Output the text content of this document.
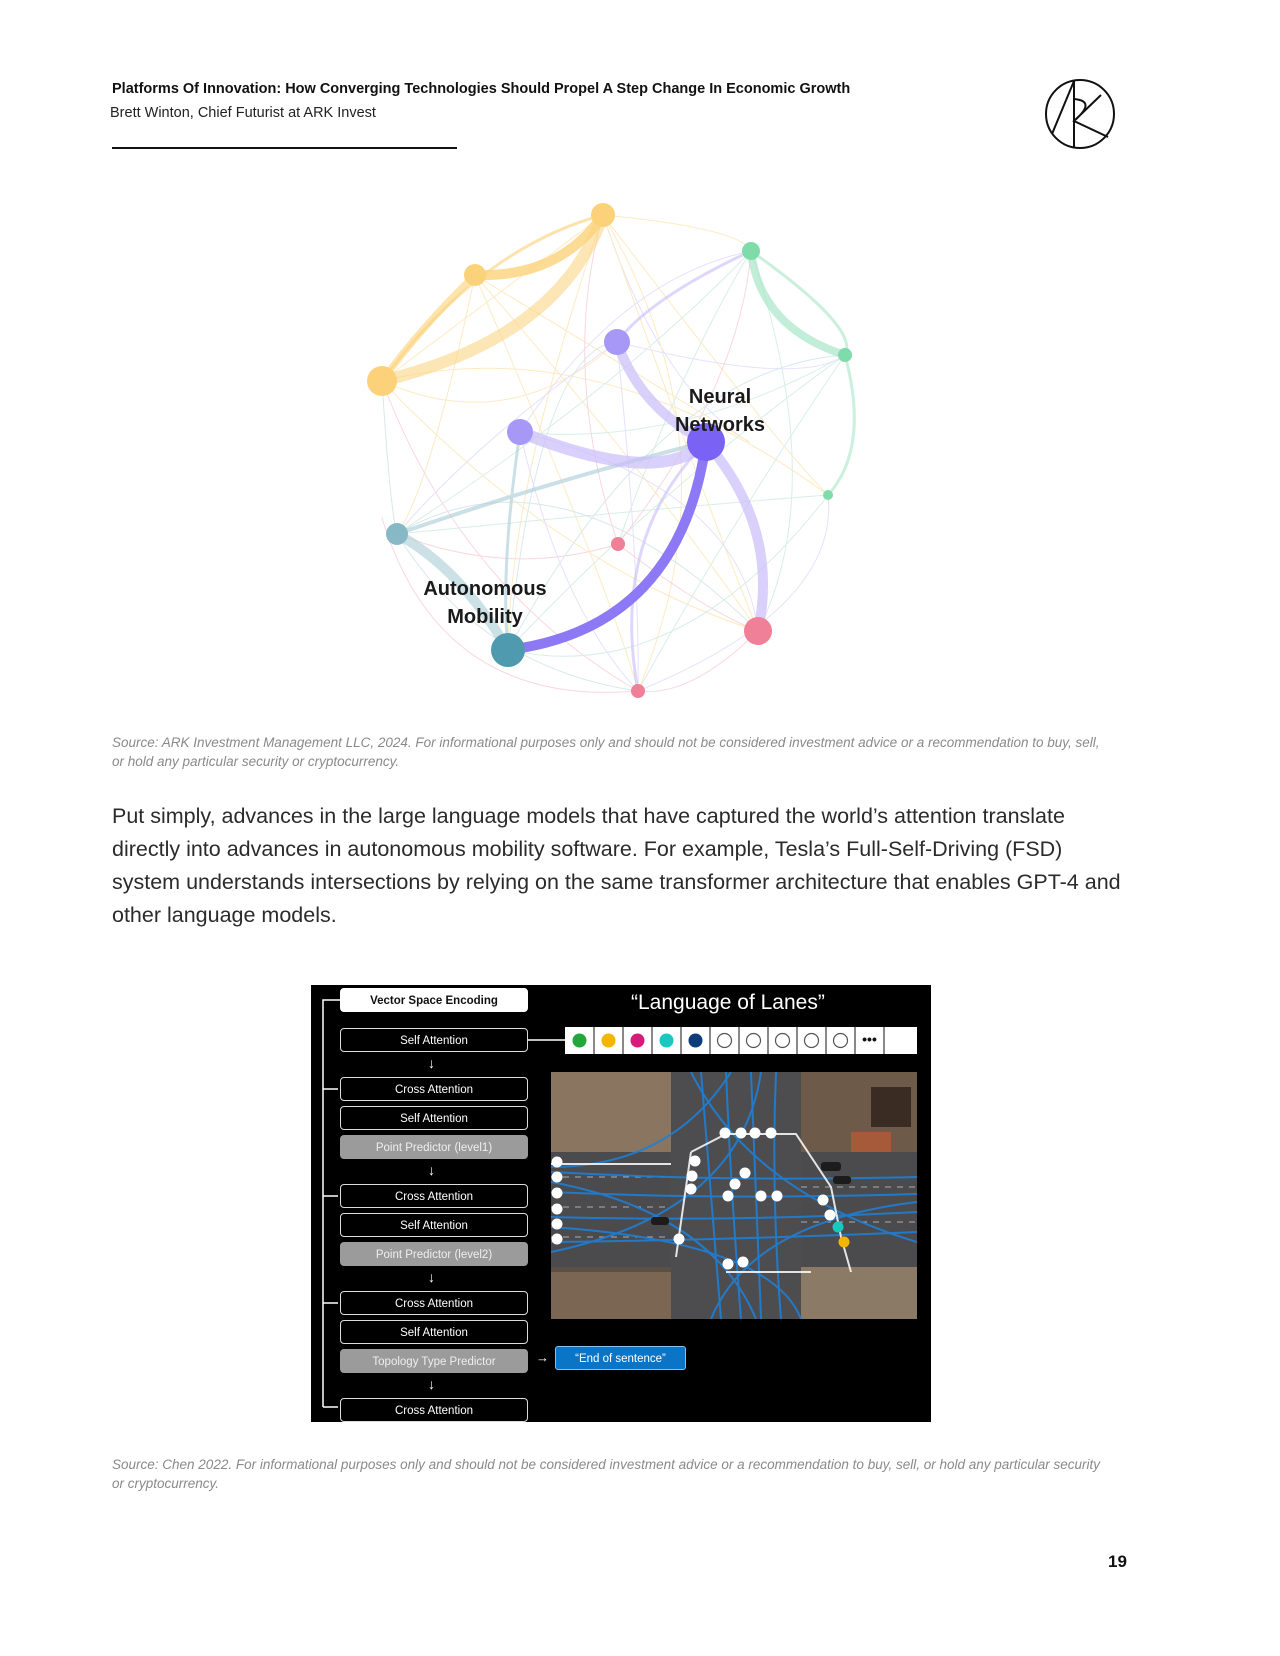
Platforms Of Innovation: How Converging Technologies Should Propel A Step Change In Economic Growth
Brett Winton, Chief Futurist at ARK Invest
Neural
Networks
Autonomous
Mobility
Source: ARK Investment Management LLC, 2024. For informational purposes only and should not be considered investment advice or a recommendation to buy, sell, or hold any particular security or cryptocurrency.
Put simply, advances in the large language models that have captured the world’s attention translate directly into advances in autonomous mobility software. For example, Tesla’s Full-Self-Driving (FSD) system understands intersections by relying on the same transformer architecture that enables GPT-4 and other language models.
Vector Space Encoding
Self Attention
↓
Cross Attention
Self Attention
Point Predictor (level1)
↓
Cross Attention
Self Attention
Point Predictor (level2)
↓
Cross Attention
Self Attention
Topology Type Predictor
↓
Cross Attention
“Language of Lanes”
•••
→	“End of sentence”
Source: Chen 2022. For informational purposes only and should not be considered investment advice or a recommendation to buy, sell, or hold any particular security or cryptocurrency.
19
